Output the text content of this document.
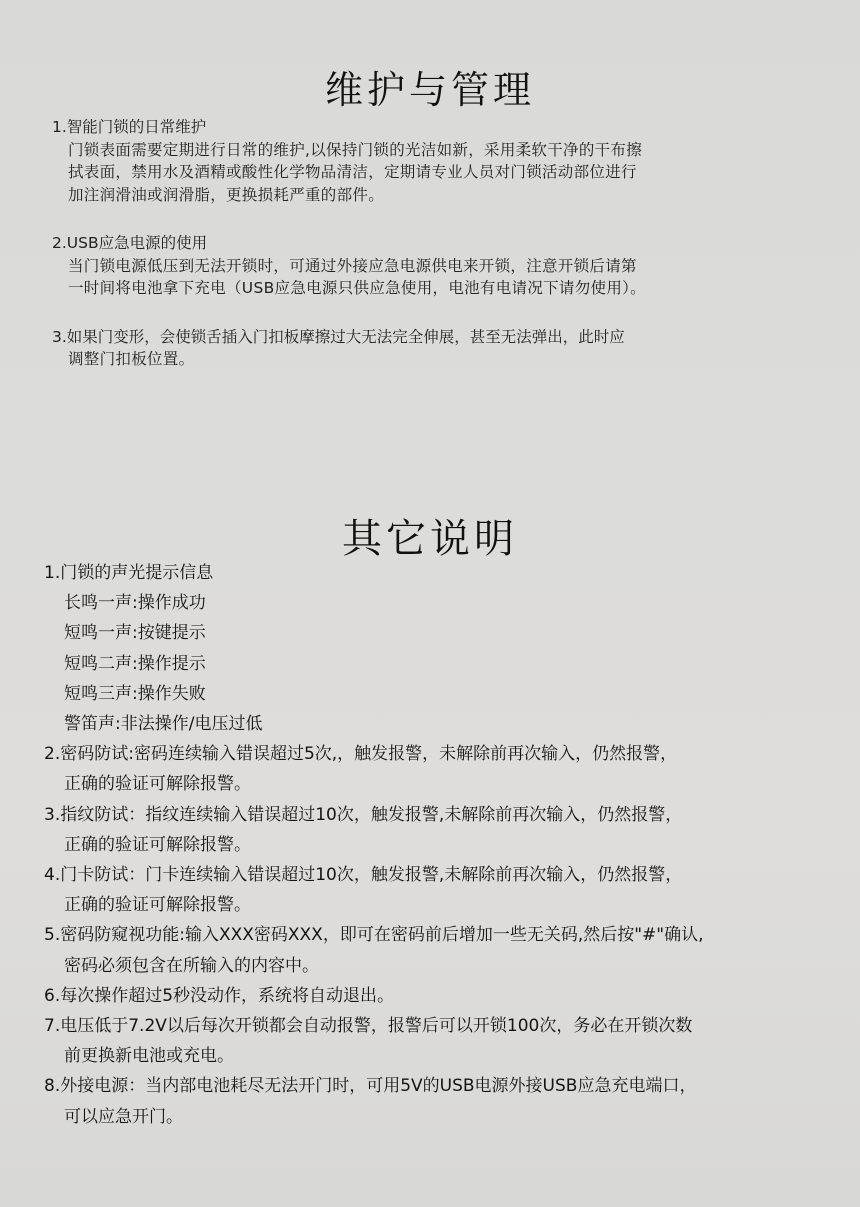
维护与管理
1.智能门锁的日常维护
门锁表面需要定期进行日常的维护,以保持门锁的光洁如新，采用柔软干净的干布擦
拭表面，禁用水及酒精或酸性化学物品清洁，定期请专业人员对门锁活动部位进行
加注润滑油或润滑脂，更换损耗严重的部件。
2.USB应急电源的使用
当门锁电源低压到无法开锁时，可通过外接应急电源供电来开锁，注意开锁后请第
一时间将电池拿下充电（USB应急电源只供应急使用，电池有电请况下请勿使用）。
3.如果门变形，会使锁舌插入门扣板摩擦过大无法完全伸展，甚至无法弹出，此时应
调整门扣板位置。
其它说明
1.门锁的声光提示信息
长鸣一声:操作成功
短鸣一声:按键提示
短鸣二声:操作提示
短鸣三声:操作失败
警笛声:非法操作/电压过低
2.密码防试:密码连续输入错误超过5次,，触发报警，未解除前再次输入，仍然报警，
正确的验证可解除报警。
3.指纹防试：指纹连续输入错误超过10次，触发报警,未解除前再次输入，仍然报警，
正确的验证可解除报警。
4.门卡防试：门卡连续输入错误超过10次，触发报警,未解除前再次输入，仍然报警，
正确的验证可解除报警。
5.密码防窥视功能:输入XXX密码XXX，即可在密码前后增加一些无关码,然后按"#"确认,
密码必须包含在所输入的内容中。
6.每次操作超过5秒没动作，系统将自动退出。
7.电压低于7.2V以后每次开锁都会自动报警，报警后可以开锁100次，务必在开锁次数
前更换新电池或充电。
8.外接电源：当内部电池耗尽无法开门时，可用5V的USB电源外接USB应急充电端口，
可以应急开门。
